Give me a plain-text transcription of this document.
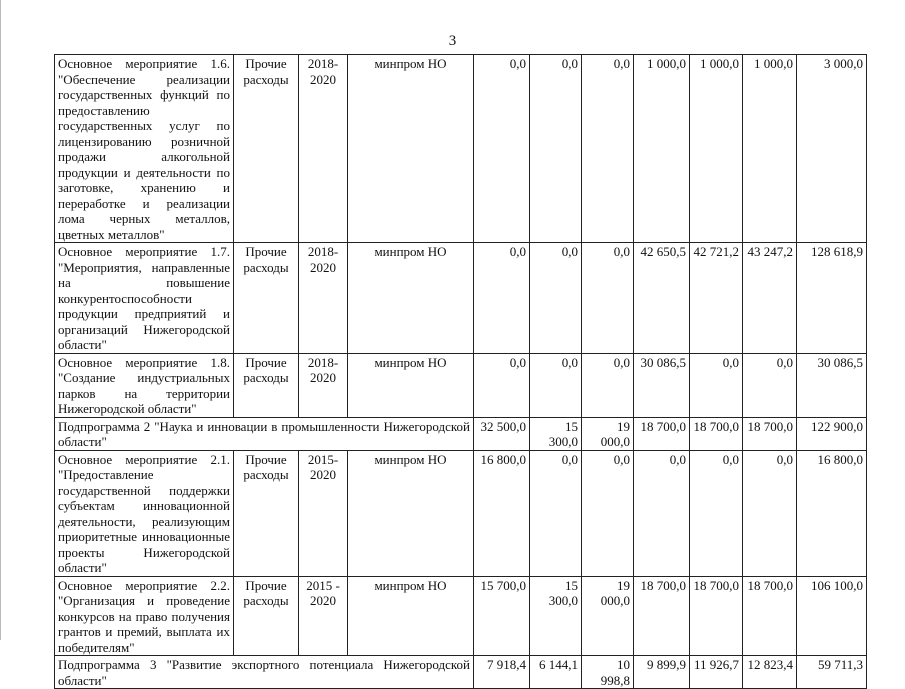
3
Основное мероприятие 1.6. "Обеспечение реализации государственных функций по предоставлению государственных услуг по лицензированию розничной продажи алкогольной продукции и деятельности по заготовке, хранению и переработке и реализации лома черных металлов, цветных металлов"	Прочие расходы	2018-2020	минпром НО	0,0	0,0	0,0	1 000,0	1 000,0	1 000,0	3 000,0
Основное мероприятие 1.7. "Мероприятия, направленные на повышение конкурентоспособности продукции предприятий и организаций Нижегородской области"	Прочие расходы	2018-2020	минпром НО	0,0	0,0	0,0	42 650,5	42 721,2	43 247,2	128 618,9
Основное мероприятие 1.8. "Создание индустриальных парков на территории Нижегородской области"	Прочие расходы	2018-2020	минпром НО	0,0	0,0	0,0	30 086,5	0,0	0,0	30 086,5
Подпрограмма 2 "Наука и инновации в промышленности Нижегородской области"				32 500,0	15 300,0	19 000,0	18 700,0	18 700,0	18 700,0	122 900,0
Основное мероприятие 2.1. "Предоставление государственной поддержки субъектам инновационной деятельности, реализующим приоритетные инновационные проекты Нижегородской области"	Прочие расходы	2015-2020	минпром НО	16 800,0	0,0	0,0	0,0	0,0	0,0	16 800,0
Основное мероприятие 2.2. "Организация и проведение конкурсов на право получения грантов и премий, выплата их победителям"	Прочие расходы	2015 - 2020	минпром НО	15 700,0	15 300,0	19 000,0	18 700,0	18 700,0	18 700,0	106 100,0
Подпрограмма 3 "Развитие экспортного потенциала Нижегородской области"				7 918,4	6 144,1	10 998,8	9 899,9	11 926,7	12 823,4	59 711,3
